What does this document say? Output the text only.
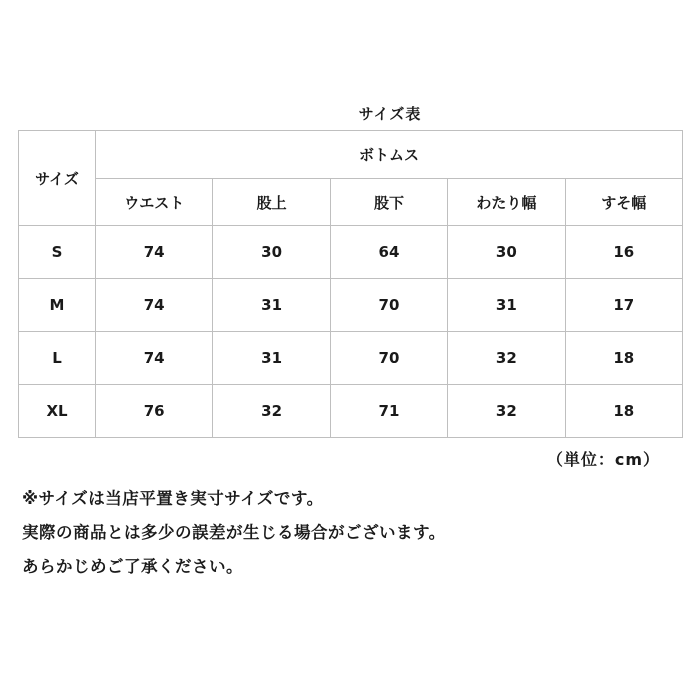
サイズ表
サイズ	ボトムス				
	ウエスト	股上	股下	わたり幅	すそ幅
S	74	30	64	30	16
M	74	31	70	31	17
L	74	31	70	32	18
XL	76	32	71	32	18
（単位：cm）
※サイズは当店平置き実寸サイズです。
実際の商品とは多少の誤差が生じる場合がございます。
あらかじめご了承ください。
